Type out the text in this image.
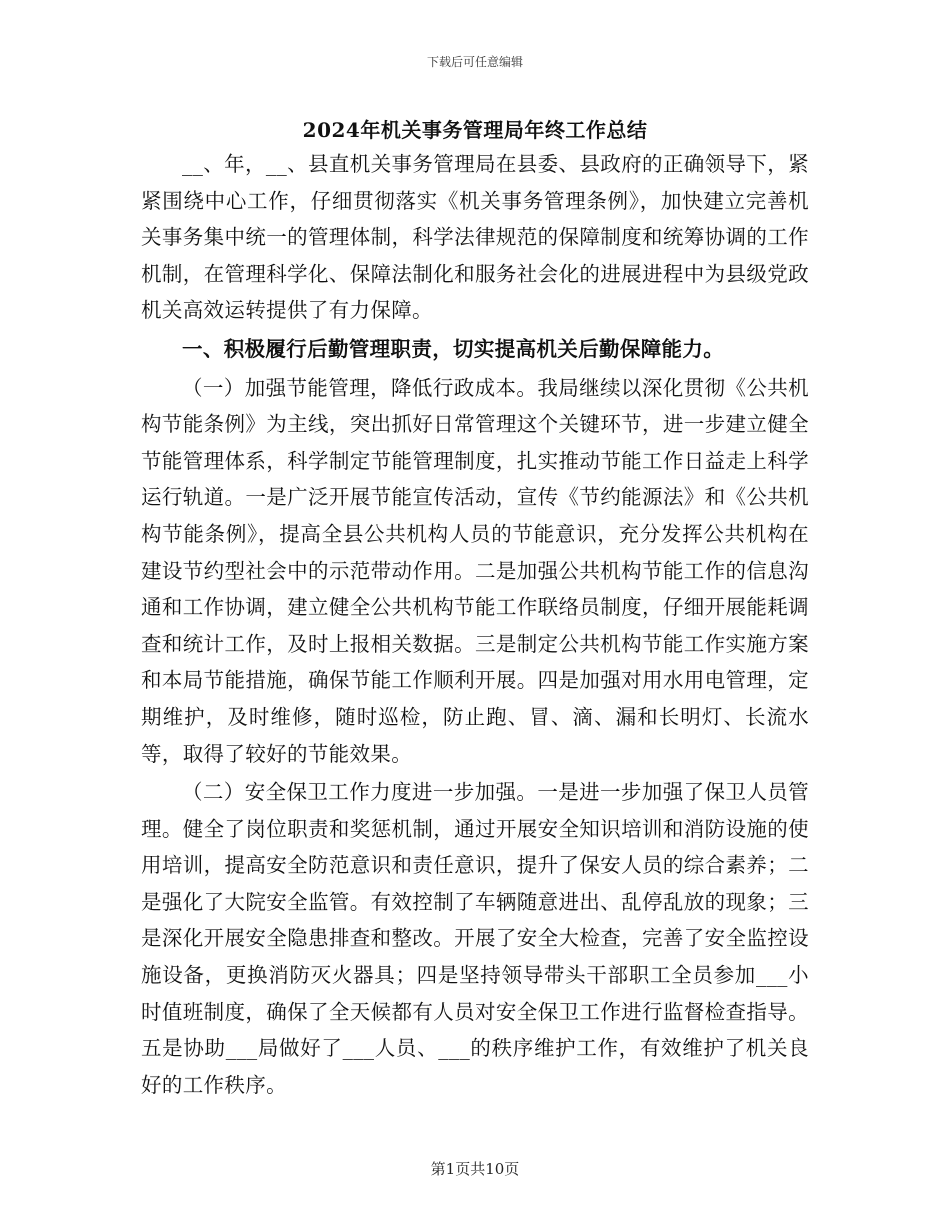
下载后可任意编辑
2024年机关事务管理局年终工作总结

__、年，__、县直机关事务管理局在县委、县政府的正确领导下，紧紧围绕中心工作，仔细贯彻落实《机关事务管理条例》，加快建立完善机关事务集中统一的管理体制，科学法律规范的保障制度和统筹协调的工作机制，在管理科学化、保障法制化和服务社会化的进展进程中为县级党政机关高效运转提供了有力保障。

一、积极履行后勤管理职责，切实提高机关后勤保障能力。

（一）加强节能管理，降低行政成本。我局继续以深化贯彻《公共机构节能条例》为主线，突出抓好日常管理这个关键环节，进一步建立健全节能管理体系，科学制定节能管理制度，扎实推动节能工作日益走上科学运行轨道。一是广泛开展节能宣传活动，宣传《节约能源法》和《公共机构节能条例》，提高全县公共机构人员的节能意识，充分发挥公共机构在建设节约型社会中的示范带动作用。二是加强公共机构节能工作的信息沟通和工作协调，建立健全公共机构节能工作联络员制度，仔细开展能耗调查和统计工作，及时上报相关数据。三是制定公共机构节能工作实施方案和本局节能措施，确保节能工作顺利开展。四是加强对用水用电管理，定期维护，及时维修，随时巡检，防止跑、冒、滴、漏和长明灯、长流水等，取得了较好的节能效果。

（二）安全保卫工作力度进一步加强。一是进一步加强了保卫人员管理。健全了岗位职责和奖惩机制，通过开展安全知识培训和消防设施的使用培训，提高安全防范意识和责任意识，提升了保安人员的综合素养；二是强化了大院安全监管。有效控制了车辆随意进出、乱停乱放的现象；三是深化开展安全隐患排查和整改。开展了安全大检查，完善了安全监控设施设备，更换消防灭火器具；四是坚持领导带头干部职工全员参加___小时值班制度，确保了全天候都有人员对安全保卫工作进行监督检查指导。五是协助___局做好了___人员、___的秩序维护工作，有效维护了机关良好的工作秩序。

第1页共10页
